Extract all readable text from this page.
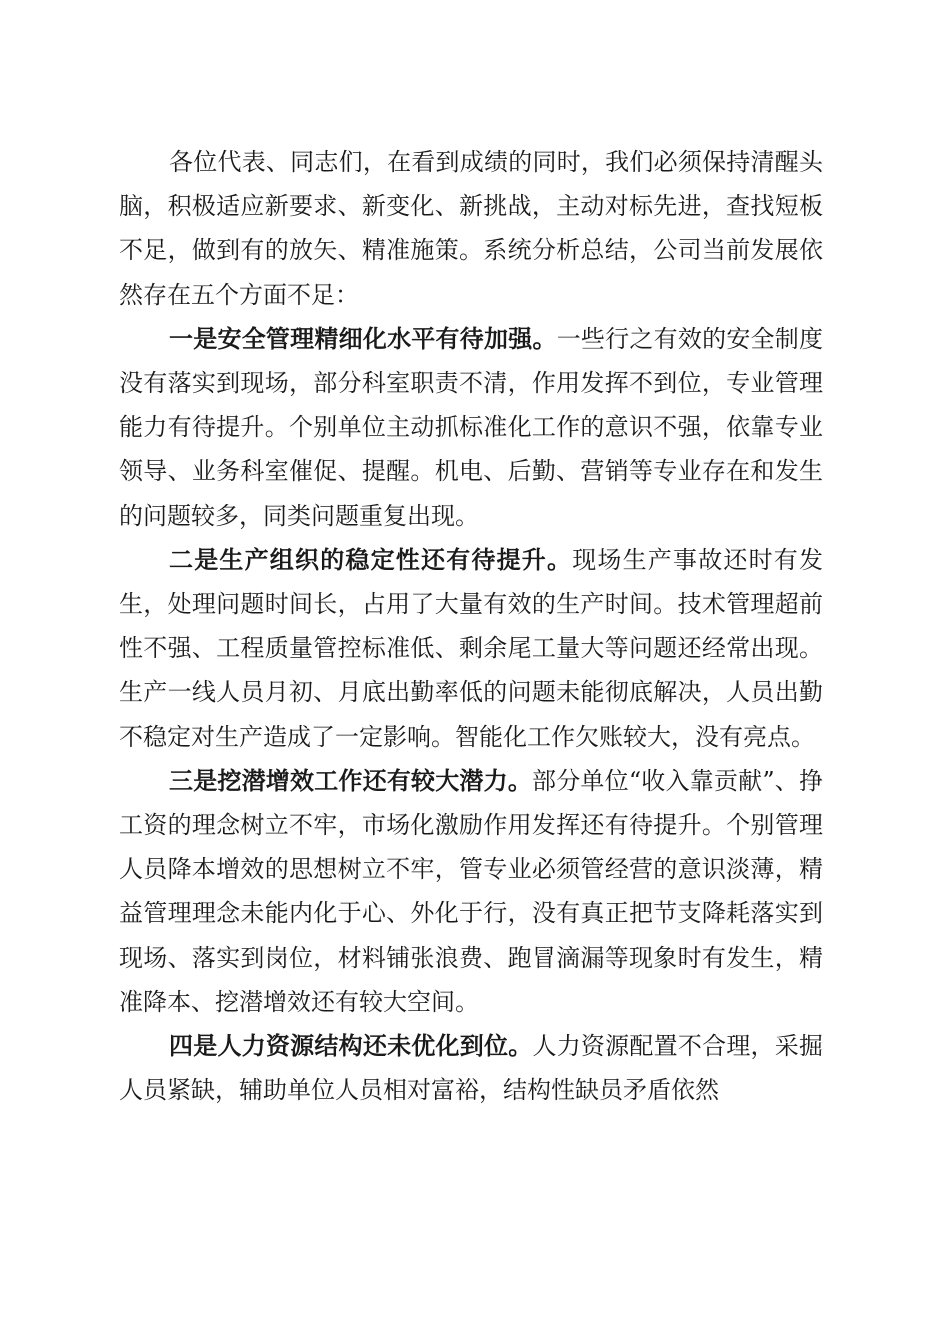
各位代表、同志们，在看到成绩的同时，我们必须保持清醒头脑，积极适应新要求、新变化、新挑战，主动对标先进，查找短板不足，做到有的放矢、精准施策。系统分析总结，公司当前发展依然存在五个方面不足：

一是安全管理精细化水平有待加强。一些行之有效的安全制度没有落实到现场，部分科室职责不清，作用发挥不到位，专业管理能力有待提升。个别单位主动抓标准化工作的意识不强，依靠专业领导、业务科室催促、提醒。机电、后勤、营销等专业存在和发生的问题较多，同类问题重复出现。

二是生产组织的稳定性还有待提升。现场生产事故还时有发生，处理问题时间长，占用了大量有效的生产时间。技术管理超前性不强、工程质量管控标准低、剩余尾工量大等问题还经常出现。生产一线人员月初、月底出勤率低的问题未能彻底解决，人员出勤不稳定对生产造成了一定影响。智能化工作欠账较大，没有亮点。

三是挖潜增效工作还有较大潜力。部分单位“收入靠贡献”、挣工资的理念树立不牢，市场化激励作用发挥还有待提升。个别管理人员降本增效的思想树立不牢，管专业必须管经营的意识淡薄，精益管理理念未能内化于心、外化于行，没有真正把节支降耗落实到现场、落实到岗位，材料铺张浪费、跑冒滴漏等现象时有发生，精准降本、挖潜增效还有较大空间。

四是人力资源结构还未优化到位。人力资源配置不合理，采掘人员紧缺，辅助单位人员相对富裕，结构性缺员矛盾依然
